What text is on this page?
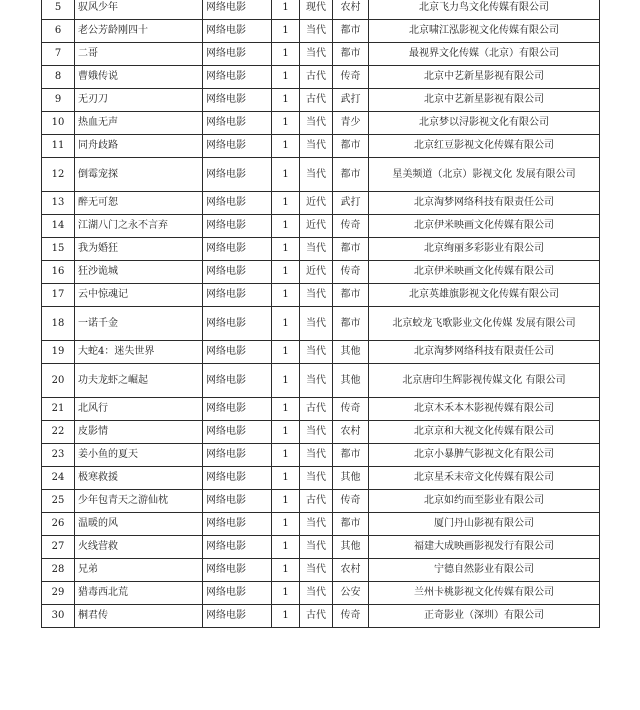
5	驭风少年	网络电影	1	现代	农村	北京飞力鸟文化传媒有限公司
6	老公芳龄刚四十	网络电影	1	当代	都市	北京啸江泓影视文化传媒有限公司
7	二哥	网络电影	1	当代	都市	最视界文化传媒（北京）有限公司
8	曹娥传说	网络电影	1	古代	传奇	北京中艺新星影视有限公司
9	无刃刀	网络电影	1	古代	武打	北京中艺新星影视有限公司
10	热血无声	网络电影	1	当代	青少	北京梦以浔影视文化有限公司
11	同舟歧路	网络电影	1	当代	都市	北京红豆影视文化传媒有限公司
12	倒霉宠探	网络电影	1	当代	都市	星美频道（北京）影视文化 发展有限公司
13	醉无可恕	网络电影	1	近代	武打	北京淘梦网络科技有限责任公司
14	江湖八门之永不言弃	网络电影	1	近代	传奇	北京伊米映画文化传媒有限公司
15	我为婚狂	网络电影	1	当代	都市	北京绚丽多彩影业有限公司
16	狂沙诡城	网络电影	1	近代	传奇	北京伊米映画文化传媒有限公司
17	云中惊魂记	网络电影	1	当代	都市	北京英雄旗影视文化传媒有限公司
18	一诺千金	网络电影	1	当代	都市	北京蛟龙飞歌影业文化传媒 发展有限公司
19	大蛇4：迷失世界	网络电影	1	当代	其他	北京淘梦网络科技有限责任公司
20	功夫龙虾之崛起	网络电影	1	当代	其他	北京唐印生辉影视传媒文化 有限公司
21	北风行	网络电影	1	古代	传奇	北京木禾本木影视传媒有限公司
22	皮影情	网络电影	1	当代	农村	北京京和大视文化传媒有限公司
23	姜小鱼的夏天	网络电影	1	当代	都市	北京小暴脾气影视文化有限公司
24	极寒救援	网络电影	1	当代	其他	北京星禾末帝文化传媒有限公司
25	少年包青天之游仙枕	网络电影	1	古代	传奇	北京如约而至影业有限公司
26	温暖的风	网络电影	1	当代	都市	厦门丹山影视有限公司
27	火线营救	网络电影	1	当代	其他	福建大成映画影视发行有限公司
28	兄弟	网络电影	1	当代	农村	宁德自然影业有限公司
29	猎毒西北荒	网络电影	1	当代	公安	兰州卡桃影视文化传媒有限公司
30	桐君传	网络电影	1	古代	传奇	正奇影业（深圳）有限公司
